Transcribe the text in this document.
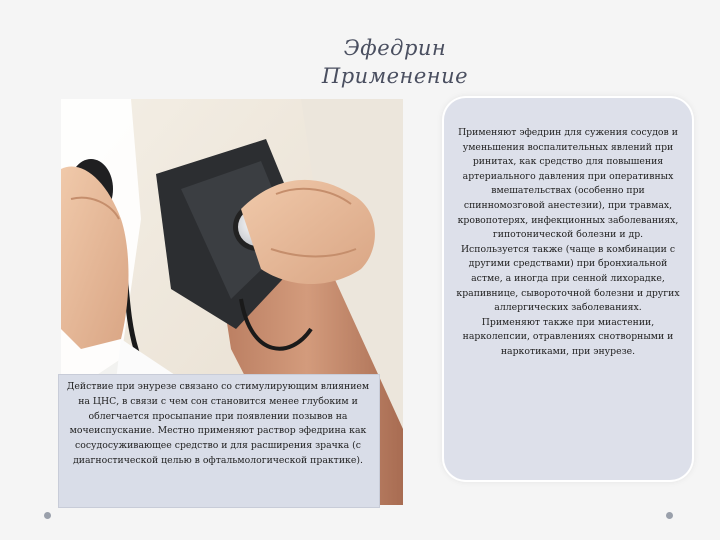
Эфедрин
Применение
Действие при энурезе связано со стимулирующим влиянием на ЦНС, в связи с чем сон становится менее глубоким и облегчается просыпание при появлении позывов на мочеиспускание. Местно применяют раствор эфедрина как сосудосуживающее средство и для расширения зрачка (с диагностической целью в офтальмологической практике).

Применяют эфедрин для сужения сосудов и уменьшения воспалительных явлений при ринитах, как средство для повышения артериального давления при оперативных вмешательствах (особенно при спинномозговой анестезии), при травмах, кровопотерях, инфекционных заболеваниях, гипотонической болезни и др.

Используется также (чаще в комбинации с другими средствами) при бронхиальной астме, а иногда при сенной лихорадке, крапивнице, сывороточной болезни и других аллергических заболеваниях.

Применяют также при миастении, нарколепсии, отравлениях снотворными и наркотиками, при энурезе.
